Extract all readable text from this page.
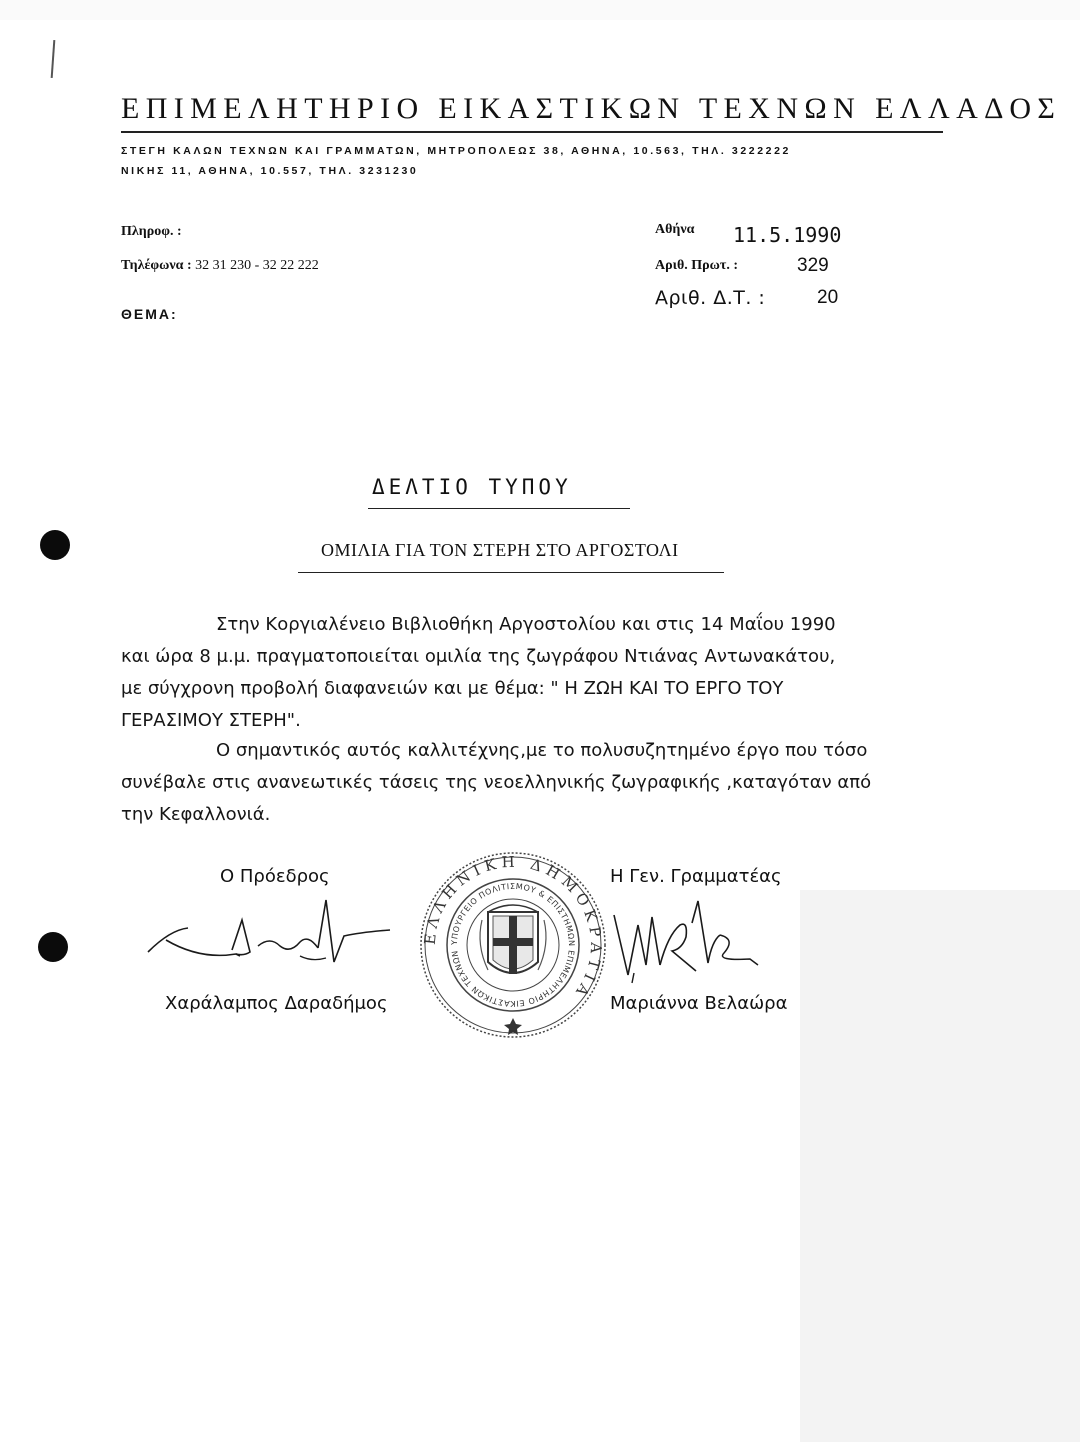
ΕΠΙΜΕΛΗΤΗΡΙΟ ΕΙΚΑΣΤΙΚΩΝ ΤΕΧΝΩΝ ΕΛΛΑΔΟΣ
ΣΤΕΓΗ ΚΑΛΩΝ ΤΕΧΝΩΝ ΚΑΙ ΓΡΑΜΜΑΤΩΝ, ΜΗΤΡΟΠΟΛΕΩΣ 38, ΑΘΗΝΑ, 10.563, ΤΗΛ. 3222222
ΝΙΚΗΣ 11, ΑΘΗΝΑ, 10.557, ΤΗΛ. 3231230
Πληροφ. :
Τηλέφωνα : 32 31 230 - 32 22 222
ΘΕΜΑ:
Αθήνα 11.5.1990
Αριθ. Πρωτ. :	329
Αριθ. Δ.Τ. :	20
ΔΕΛΤΙΟ ΤΥΠΟΥ
ΟΜΙΛΙΑ ΓΙΑ ΤΟΝ ΣΤΕΡΗ ΣΤΟ ΑΡΓΟΣΤΟΛΙ
Στην Κοργιαλένειο Βιβλιοθήκη Αργοστολίου και στις 14 Μαΐου 1990
και ώρα 8 μ.μ. πραγματοποιείται ομιλία της ζωγράφου Ντιάνας Αντωνακάτου,
με σύγχρονη προβολή διαφανειών και με θέμα: " Η ΖΩΗ ΚΑΙ ΤΟ ΕΡΓΟ ΤΟΥ
ΓΕΡΑΣΙΜΟΥ ΣΤΕΡΗ".
Ο σημαντικός αυτός καλλιτέχνης,με το πολυσυζητημένο έργο που τόσο
συνέβαλε στις ανανεωτικές τάσεις της νεοελληνικής ζωγραφικής ,καταγόταν από
την Κεφαλλονιά.
Ο Πρόεδρος	Η Γεν. Γραμματέας
Χαράλαμπος Δαραδήμος	Μαριάννα Βελαώρα
ΕΛΛΗΝΙΚΗ ΔΗΜΟΚΡΑΤΙΑ
ΥΠΟΥΡΓΕΙΟ ΠΟΛΙΤΙΣΜΟΥ & ΕΠΙΣΤΗΜΩΝ ΕΠΙΜΕΛΗΤΗΡΙΟ ΕΙΚΑΣΤΙΚΩΝ ΤΕΧΝΩΝ ΕΛΛΑΔΟΣ
